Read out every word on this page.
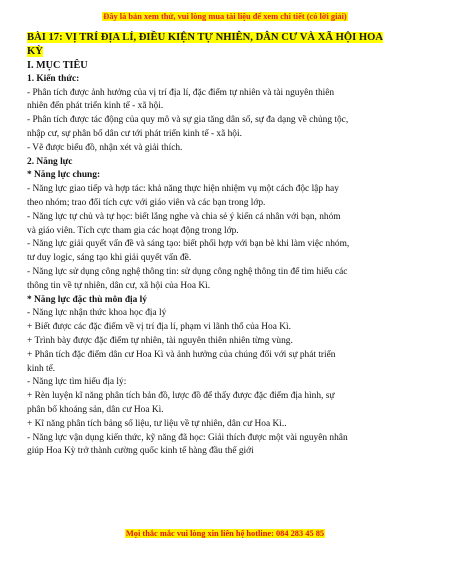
Đây là bản xem thử, vui lòng mua tài liệu để xem chi tiết (có lời giải)
BÀI 17: VỊ TRÍ ĐỊA LÍ, ĐIỀU KIỆN TỰ NHIÊN, DÂN CƯ VÀ XÃ HỘI HOA
KỲ
I. MỤC TIÊU
1. Kiến thức:
- Phân tích được ảnh hưởng của vị trí địa lí, đặc điểm tự nhiên và tài nguyên thiên
nhiên đến phát triển kinh tế - xã hội.
- Phân tích được tác động của quy mô và sự gia tăng dân số, sự đa dạng về chủng tộc,
nhập cư, sự phân bố dân cư tới phát triển kinh tế - xã hội.
- Vẽ được biểu đồ, nhận xét và giải thích.
2. Năng lực
* Năng lực chung:
- Năng lực giao tiếp và hợp tác: khả năng thực hiện nhiệm vụ một cách độc lập hay
theo nhóm; trao đổi tích cực với giáo viên và các bạn trong lớp.
- Năng lực tự chủ và tự học: biết lắng nghe và chia sẻ ý kiến cá nhân với bạn, nhóm
và giáo viên. Tích cực tham gia các hoạt động trong lớp.
- Năng lực giải quyết vấn đề và sáng tạo: biết phối hợp với bạn bè khi làm việc nhóm,
tư duy logic, sáng tạo khi giải quyết vấn đề.
- Năng lực sử dụng công nghệ thông tin: sử dụng công nghệ thông tin để tìm hiểu các
thông tin về tự nhiên, dân cư, xã hội của Hoa Kì.
* Năng lực đặc thù môn địa lý
- Năng lực nhận thức khoa học địa lý
+ Biết được các đặc điểm về vị trí địa lí, phạm vi lãnh thổ của Hoa Kì.
+ Trình bày được đặc điểm tự nhiên, tài nguyên thiên nhiên từng vùng.
+ Phân tích đặc điểm dân cư Hoa Kì và ảnh hưởng của chúng đối với sự phát triển
kinh tế.
- Năng lực tìm hiểu địa lý:
+ Rèn luyện kĩ năng phân tích bản đồ, lược đồ để thấy được đặc điểm địa hình, sự
phân bố khoáng sản, dân cư Hoa Kì.
+ Kĩ năng phân tích bảng số liệu, tư liệu về tự nhiên, dân cư Hoa Kì..
- Năng lực vận dụng kiến thức, kỹ năng đã học: Giải thích được một vài nguyên nhân
giúp Hoa Kỳ trở thành cường quốc kinh tế hàng đầu thế giới
Mọi thắc mắc vui lòng xin liên hệ hotline: 084 283 45 85
